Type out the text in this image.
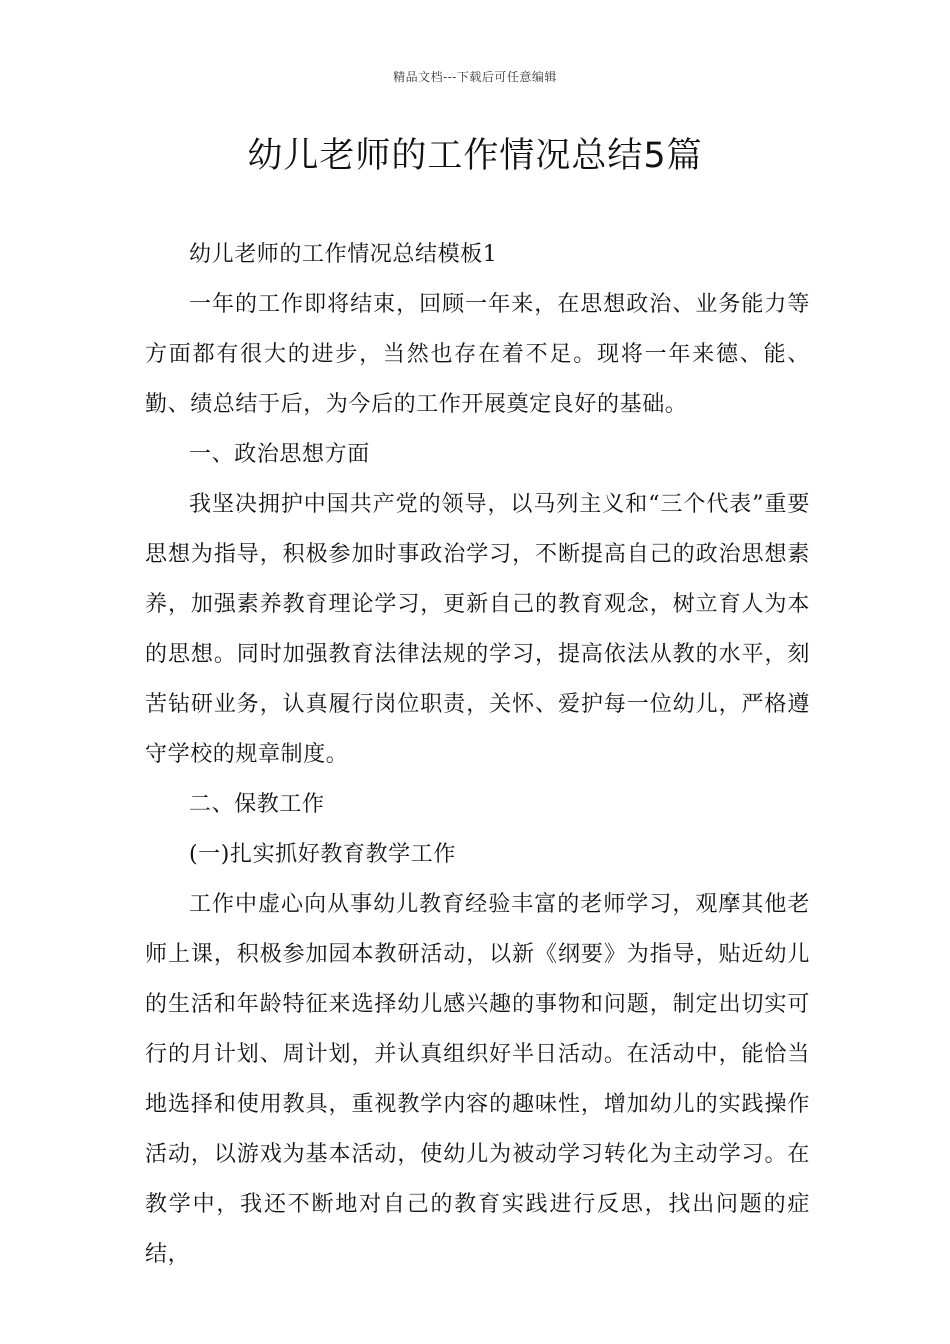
精品文档---下载后可任意编辑
幼儿老师的工作情况总结5篇

幼儿老师的工作情况总结模板1

一年的工作即将结束，回顾一年来，在思想政治、业务能力等方面都有很大的进步，当然也存在着不足。现将一年来德、能、勤、绩总结于后，为今后的工作开展奠定良好的基础。

一、政治思想方面

我坚决拥护中国共产党的领导，以马列主义和“三个代表”重要思想为指导，积极参加时事政治学习，不断提高自己的政治思想素养，加强素养教育理论学习，更新自己的教育观念，树立育人为本的思想。同时加强教育法律法规的学习，提高依法从教的水平，刻苦钻研业务，认真履行岗位职责，关怀、爱护每一位幼儿，严格遵守学校的规章制度。

二、保教工作

(一)扎实抓好教育教学工作

工作中虚心向从事幼儿教育经验丰富的老师学习，观摩其他老师上课，积极参加园本教研活动，以新《纲要》为指导，贴近幼儿的生活和年龄特征来选择幼儿感兴趣的事物和问题，制定出切实可行的月计划、周计划，并认真组织好半日活动。在活动中，能恰当地选择和使用教具，重视教学内容的趣味性，增加幼儿的实践操作活动，以游戏为基本活动，使幼儿为被动学习转化为主动学习。在教学中，我还不断地对自己的教育实践进行反思，找出问题的症结，
